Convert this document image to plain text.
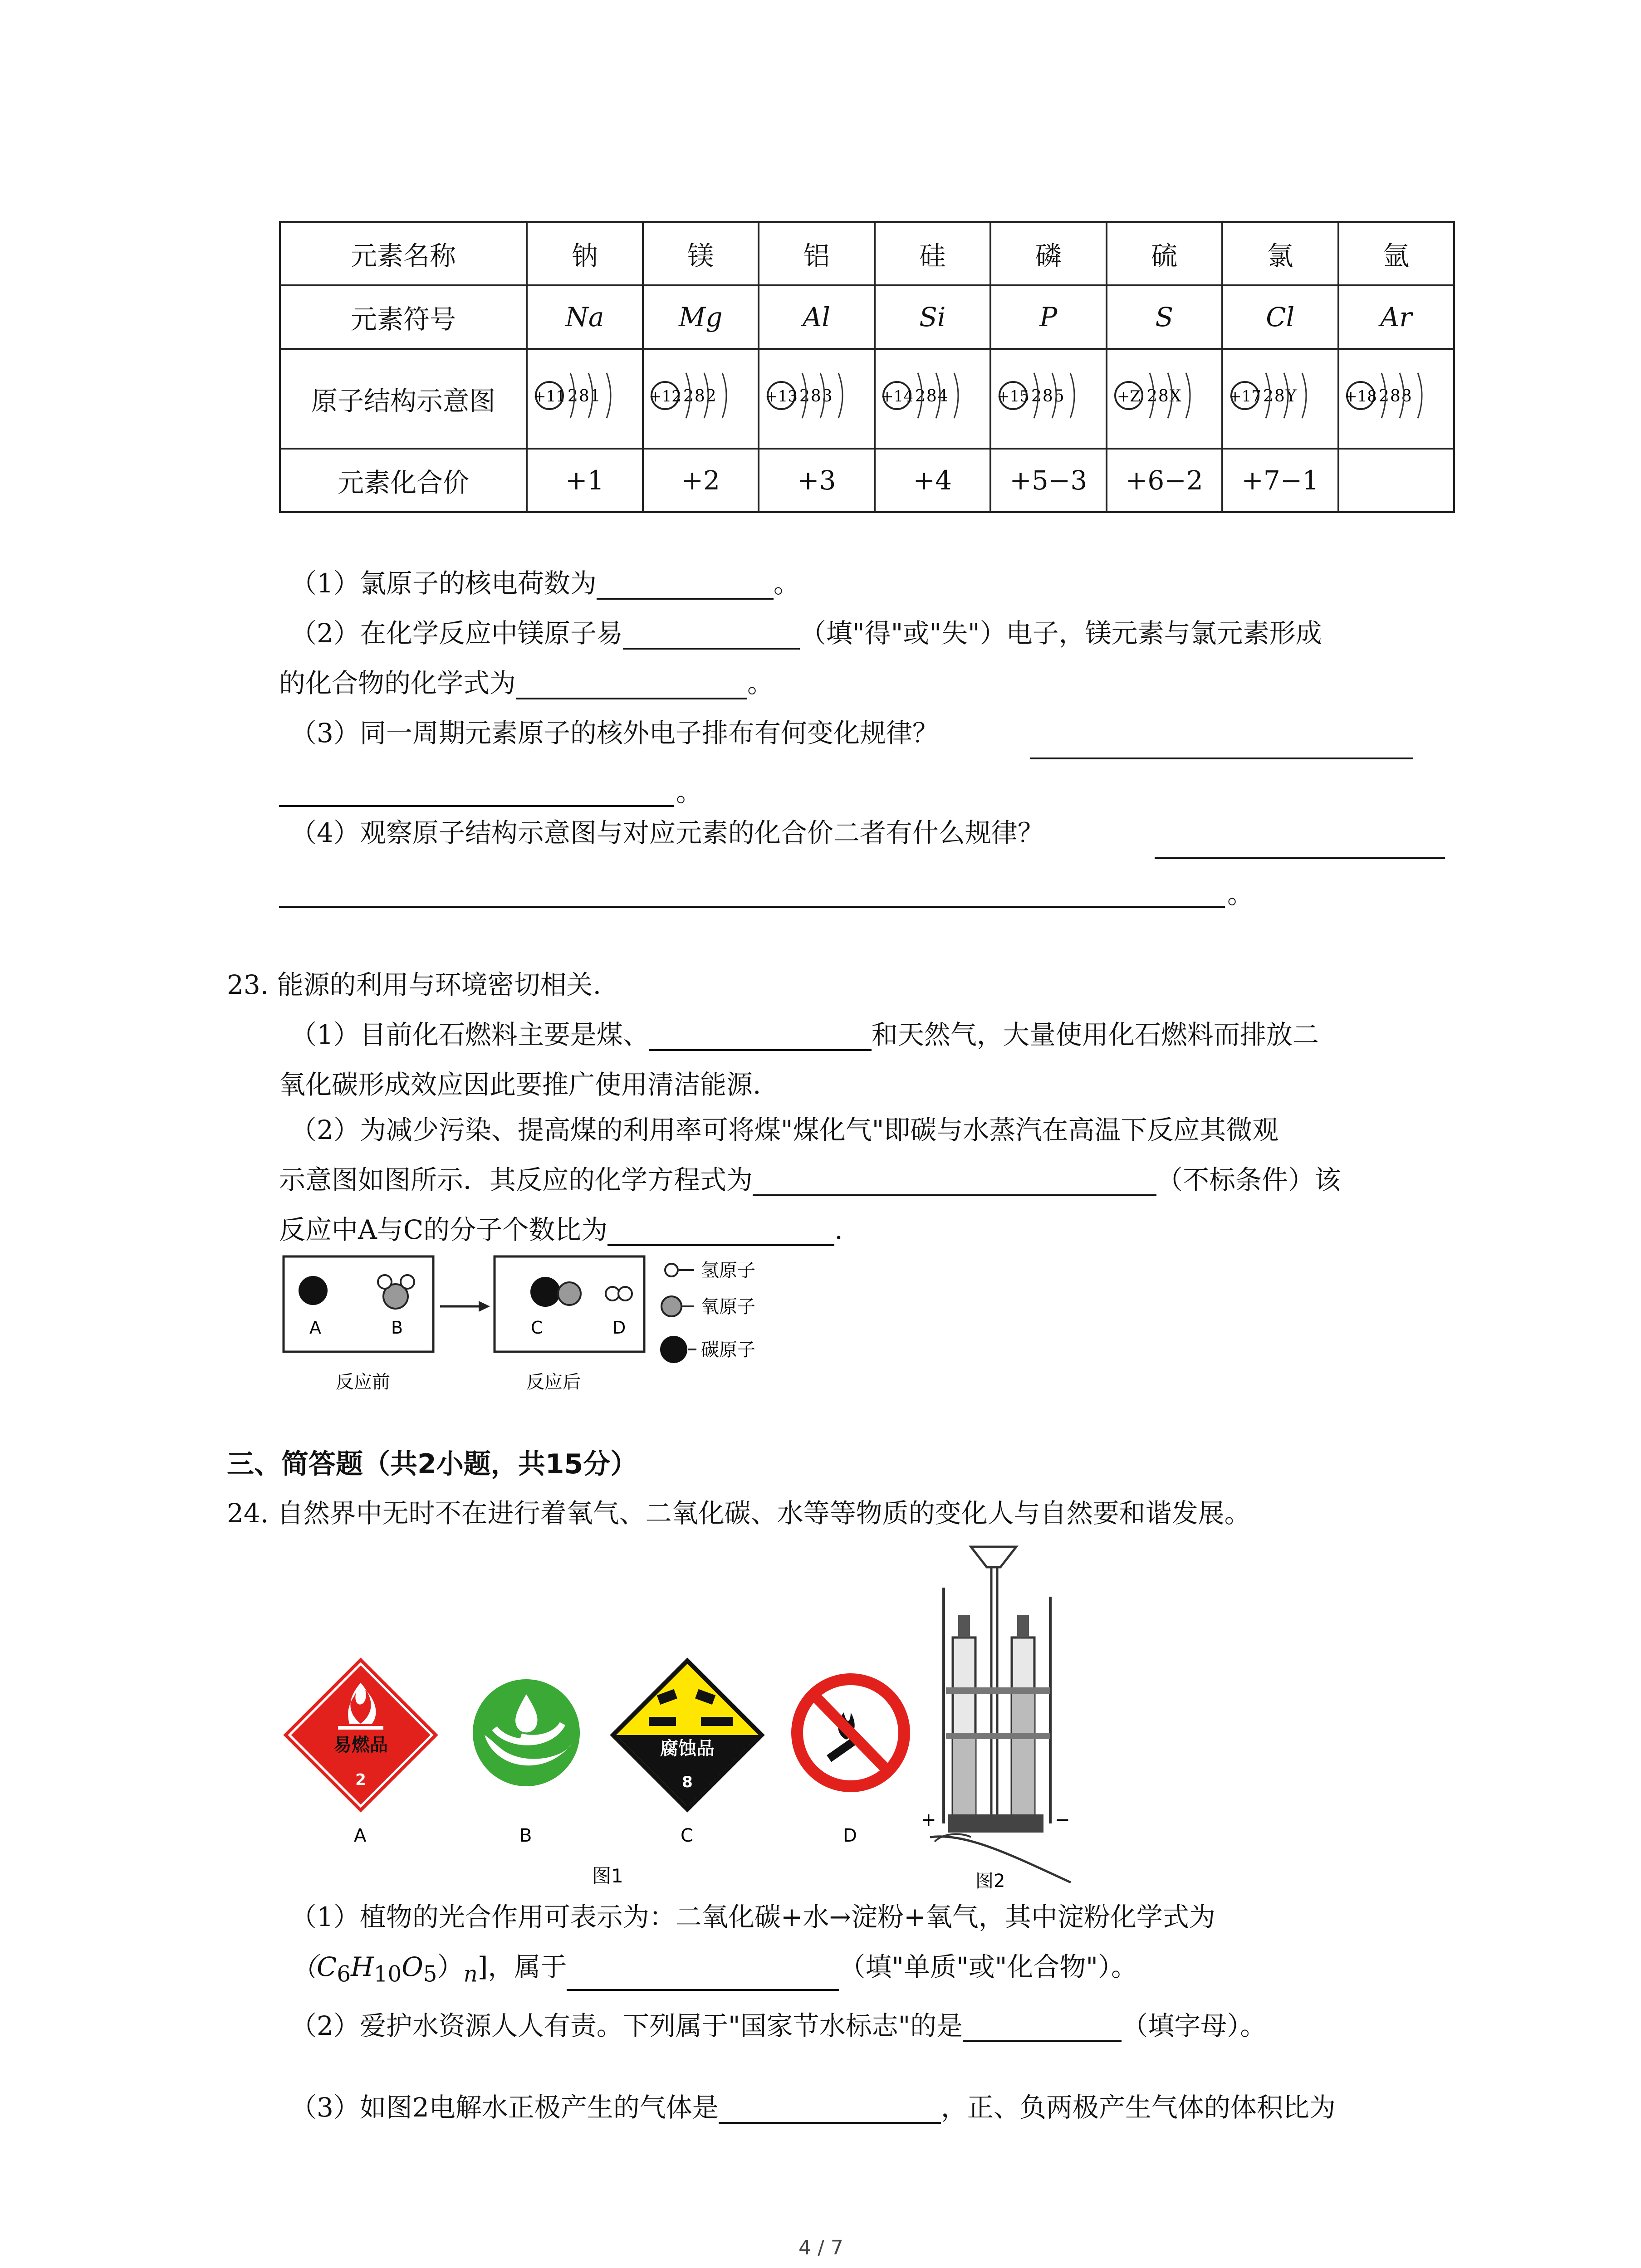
元素名称	钠	镁	铝	硅	磷	硫	氯	氩
元素符号	Na	Mg	Al	Si	P	S	Cl	Ar
原子结构示意图	+11 281	+12 282	+13 283	+14 284	+15 285	+Z 28X	+17 28Y	+18 288

元素化合价	+1	+2	+3	+4	+5−3	+6−2	+7−1	
（1）氯原子的核电荷数为	。
（2）在化学反应中镁原子易	（填"得"或"失"）电子，镁元素与氯元素形成
的化合物的化学式为	。
（3）同一周期元素原子的核外电子排布有何变化规律？
。
（4）观察原子结构示意图与对应元素的化合价二者有什么规律？
。
23. 能源的利用与环境密切相关.
（1）目前化石燃料主要是煤、	和天然气，大量使用化石燃料而排放二
氧化碳形成效应因此要推广使用清洁能源.
（2）为减少污染、提高煤的利用率可将煤"煤化气"即碳与水蒸汽在高温下反应其微观
示意图如图所示．其反应的化学方程式为	（不标条件）该
反应中A与C的分子个数比为	.
A	B	C	D
反应前	反应后
氢原子
氧原子
碳原子
三、简答题（共2小题，共15分）
24. 自然界中无时不在进行着氧气、二氧化碳、水等等物质的变化人与自然要和谐发展。
易燃品
2
腐蚀品
8
A	B	C	D
图1
+	−
图2
（1）植物的光合作用可表示为：二氧化碳+水→淀粉+氧气，其中淀粉化学式为
$(C_6H_{10}O_5)_n$]，属于	（填"单质"或"化合物"）。
（2）爱护水资源人人有责。下列属于"国家节水标志"的是	（填字母）。
（3）如图2电解水正极产生的气体是	，正、负两极产生气体的体积比为
4 / 7
